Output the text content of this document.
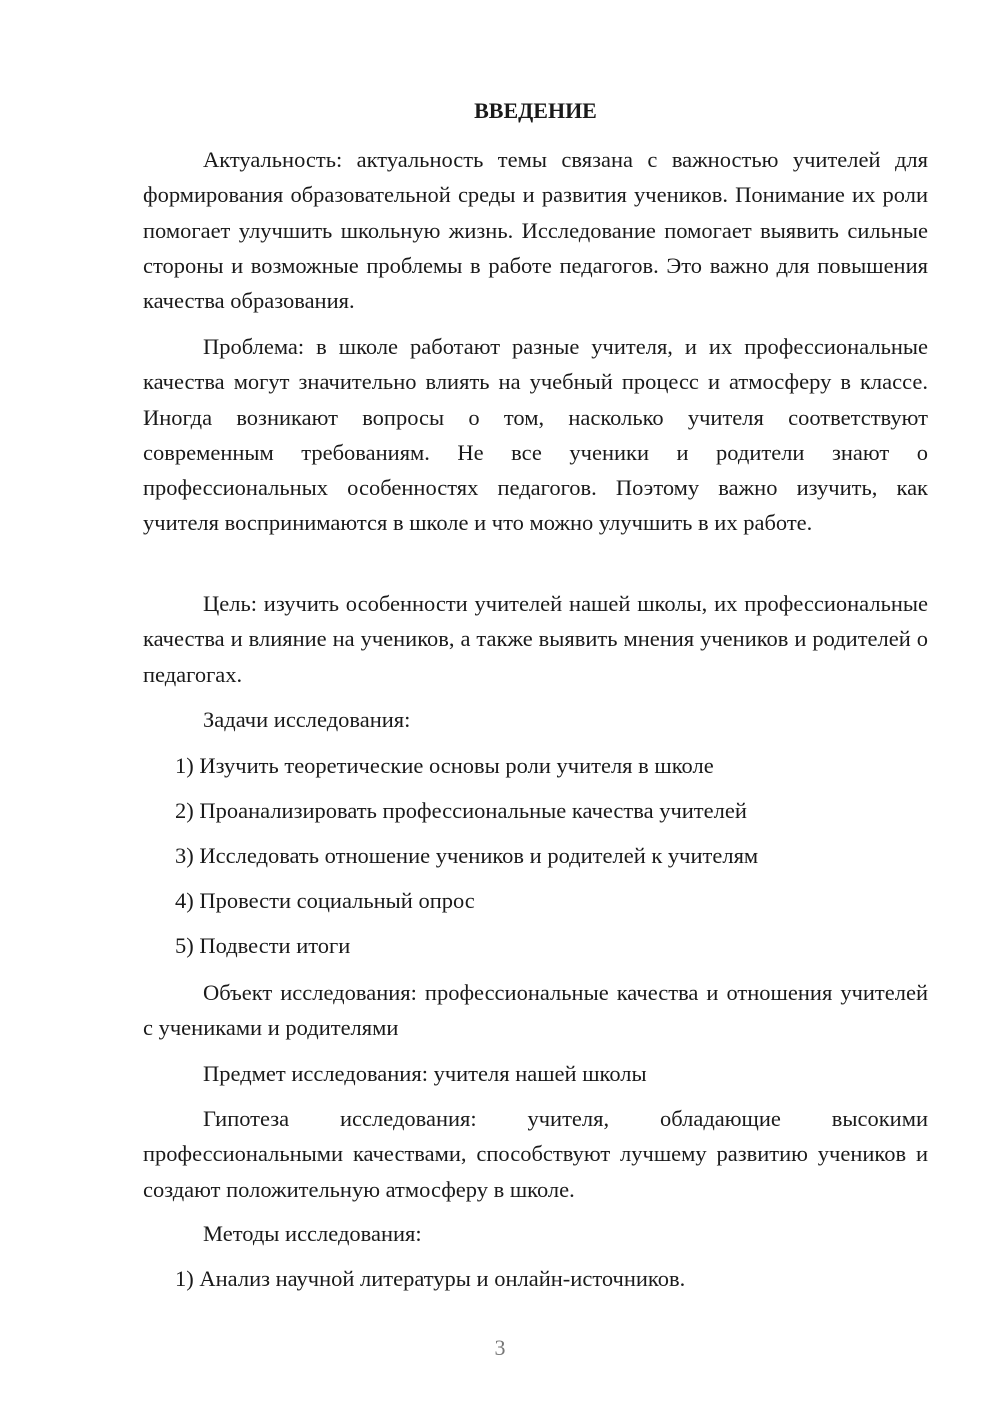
ВВЕДЕНИЕ

Актуальность: актуальность темы связана с важностью учителей для формирования образовательной среды и развития учеников. Понимание их роли помогает улучшить школьную жизнь. Исследование помогает выявить сильные стороны и возможные проблемы в работе педагогов. Это важно для повышения качества образования.

Проблема: в школе работают разные учителя, и их профессиональные качества могут значительно влиять на учебный процесс и атмосферу в классе. Иногда возникают вопросы о том, насколько учителя соответствуют современным требованиям. Не все ученики и родители знают о профессиональных особенностях педагогов. Поэтому важно изучить, как учителя воспринимаются в школе и что можно улучшить в их работе.

Цель: изучить особенности учителей нашей школы, их профессиональные качества и влияние на учеников, а также выявить мнения учеников и родителей о педагогах.

Задачи исследования:

1) Изучить теоретические основы роли учителя в школе

2) Проанализировать профессиональные качества учителей

3) Исследовать отношение учеников и родителей к учителям

4) Провести социальный опрос

5) Подвести итоги

Объект исследования: профессиональные качества и отношения учителей с учениками и родителями

Предмет исследования: учителя нашей школы

Гипотеза исследования: учителя, обладающие высокими профессиональными качествами, способствуют лучшему развитию учеников и создают положительную атмосферу в школе.

Методы исследования:

1) Анализ научной литературы и онлайн-источников.

3
